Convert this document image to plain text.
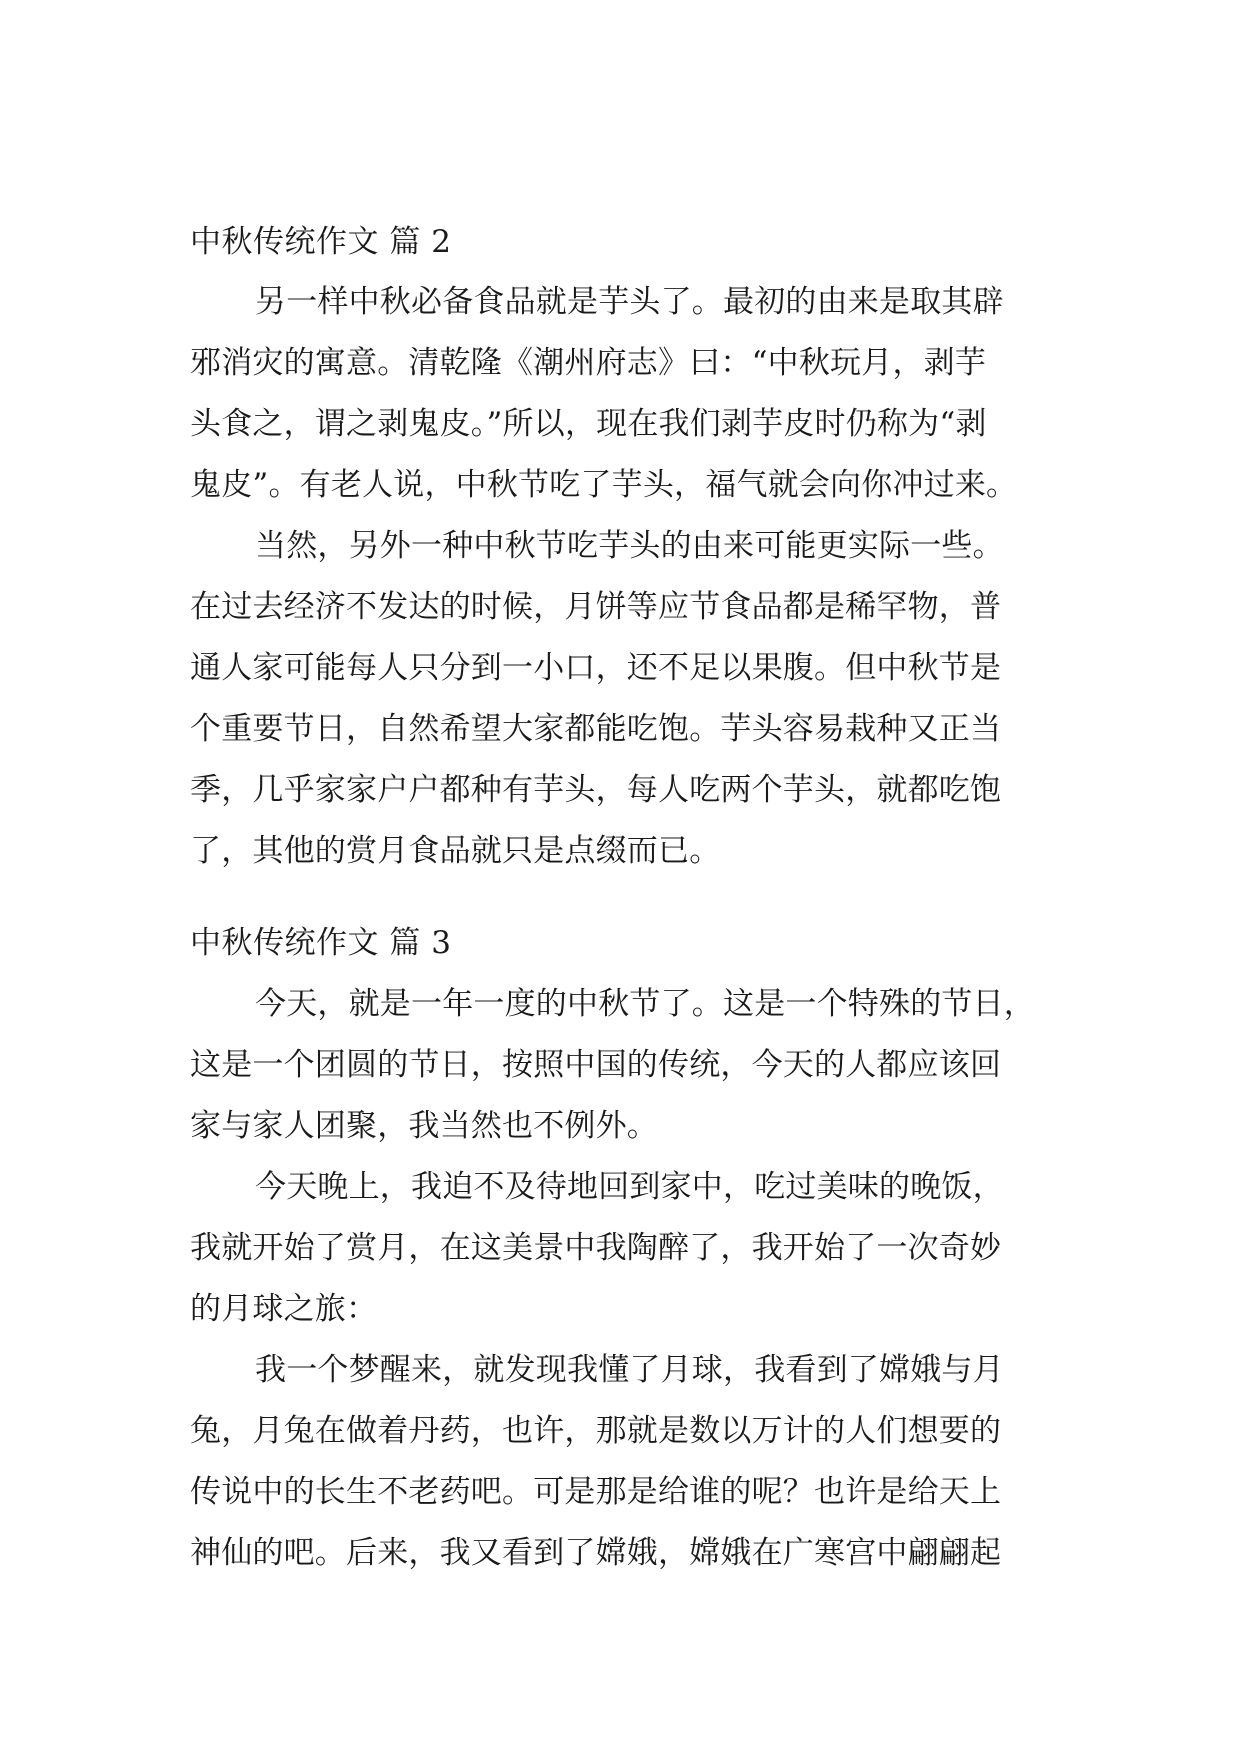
中秋传统作文 篇 2
另一样中秋必备食品就是芋头了。最初的由来是取其辟
邪消灾的寓意。清乾隆《潮州府志》曰：“中秋玩月，剥芋
头食之，谓之剥鬼皮。”所以，现在我们剥芋皮时仍称为“剥
鬼皮”。有老人说，中秋节吃了芋头，福气就会向你冲过来。
当然，另外一种中秋节吃芋头的由来可能更实际一些。
在过去经济不发达的时候，月饼等应节食品都是稀罕物，普
通人家可能每人只分到一小口，还不足以果腹。但中秋节是
个重要节日，自然希望大家都能吃饱。芋头容易栽种又正当
季，几乎家家户户都种有芋头，每人吃两个芋头，就都吃饱
了，其他的赏月食品就只是点缀而已。
中秋传统作文 篇 3
今天，就是一年一度的中秋节了。这是一个特殊的节日，
这是一个团圆的节日，按照中国的传统，今天的人都应该回
家与家人团聚，我当然也不例外。
今天晚上，我迫不及待地回到家中，吃过美味的晚饭，
我就开始了赏月，在这美景中我陶醉了，我开始了一次奇妙
的月球之旅：
我一个梦醒来，就发现我懂了月球，我看到了嫦娥与月
兔，月兔在做着丹药，也许，那就是数以万计的人们想要的
传说中的长生不老药吧。可是那是给谁的呢？也许是给天上
神仙的吧。后来，我又看到了嫦娥，嫦娥在广寒宫中翩翩起
